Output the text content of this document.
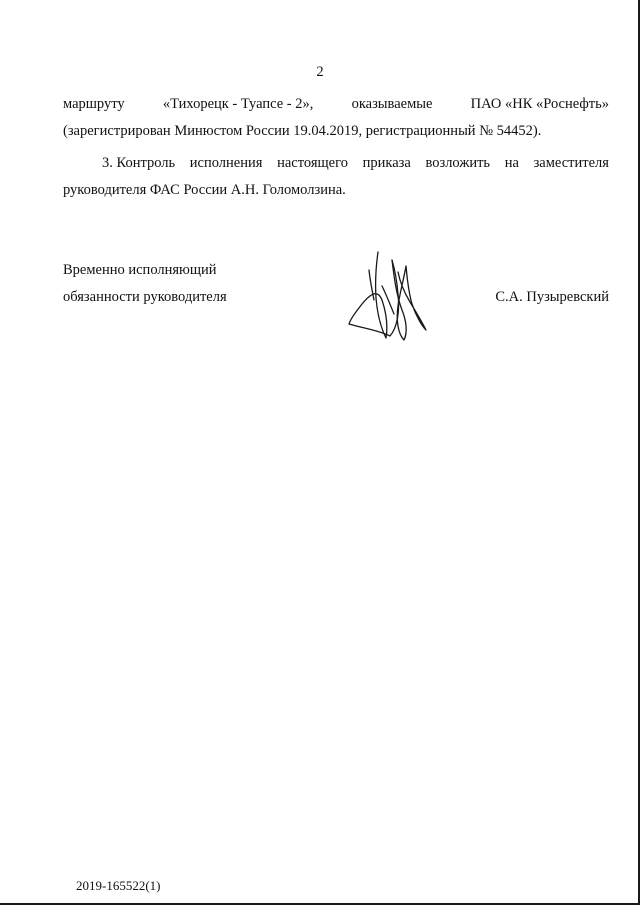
2
маршруту	«Тихорецк - Туапсе - 2»,	оказываемые	ПАО «НК «Роснефть»
(зарегистрирован Минюстом России 19.04.2019, регистрационный № 54452).
3. Контроль исполнения настоящего приказа возложить на заместителя
руководителя ФАС России А.Н. Голомолзина.
Временно исполняющий
обязанности руководителя	С.А. Пузыревский
2019-165522(1)
